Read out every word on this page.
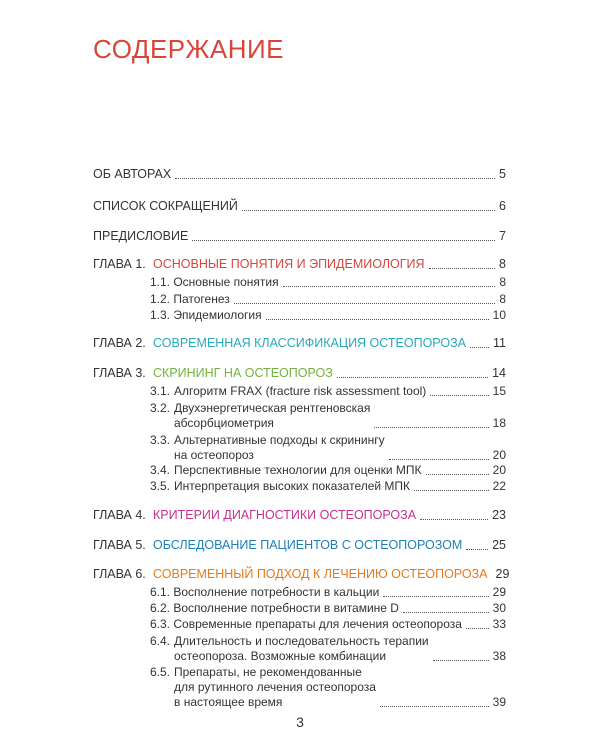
СОДЕРЖАНИЕ
ОБ АВТОРАХ	5
СПИСОК СОКРАЩЕНИЙ	6
ПРЕДИСЛОВИЕ	7
ГЛАВА 1. ОСНОВНЫЕ ПОНЯТИЯ И ЭПИДЕМИОЛОГИЯ	8
1.1. Основные понятия	8
1.2. Патогенез	8
1.3. Эпидемиология	10
ГЛАВА 2. СОВРЕМЕННАЯ КЛАССИФИКАЦИЯ ОСТЕОПОРОЗА 11
ГЛАВА 3. СКРИНИНГ НА ОСТЕОПОРОЗ	14
3.1. Алгоритм FRAX (fracture risk assessment tool)	15
3.2. Двухэнергетическая рентгеновская
абсорбциометрия	18
3.3. Альтернативные подходы к скринингу
на остеопороз	20
3.4. Перспективные технологии для оценки МПК	20
3.5. Интерпретация высоких показателей МПК	22
ГЛАВА 4. КРИТЕРИИ ДИАГНОСТИКИ ОСТЕОПОРОЗА	23
ГЛАВА 5. ОБСЛЕДОВАНИЕ ПАЦИЕНТОВ С ОСТЕОПОРОЗОМ 25
ГЛАВА 6. СОВРЕМЕННЫЙ ПОДХОД К ЛЕЧЕНИЮ ОСТЕОПОРОЗА 29
6.1. Восполнение потребности в кальции	29
6.2. Восполнение потребности в витамине D	30
6.3. Современные препараты для лечения остеопороза	33
6.4. Длительность и последовательность терапии
остеопороза. Возможные комбинации	38
6.5. Препараты, не рекомендованные
для рутинного лечения остеопороза
в настоящее время	39
3
